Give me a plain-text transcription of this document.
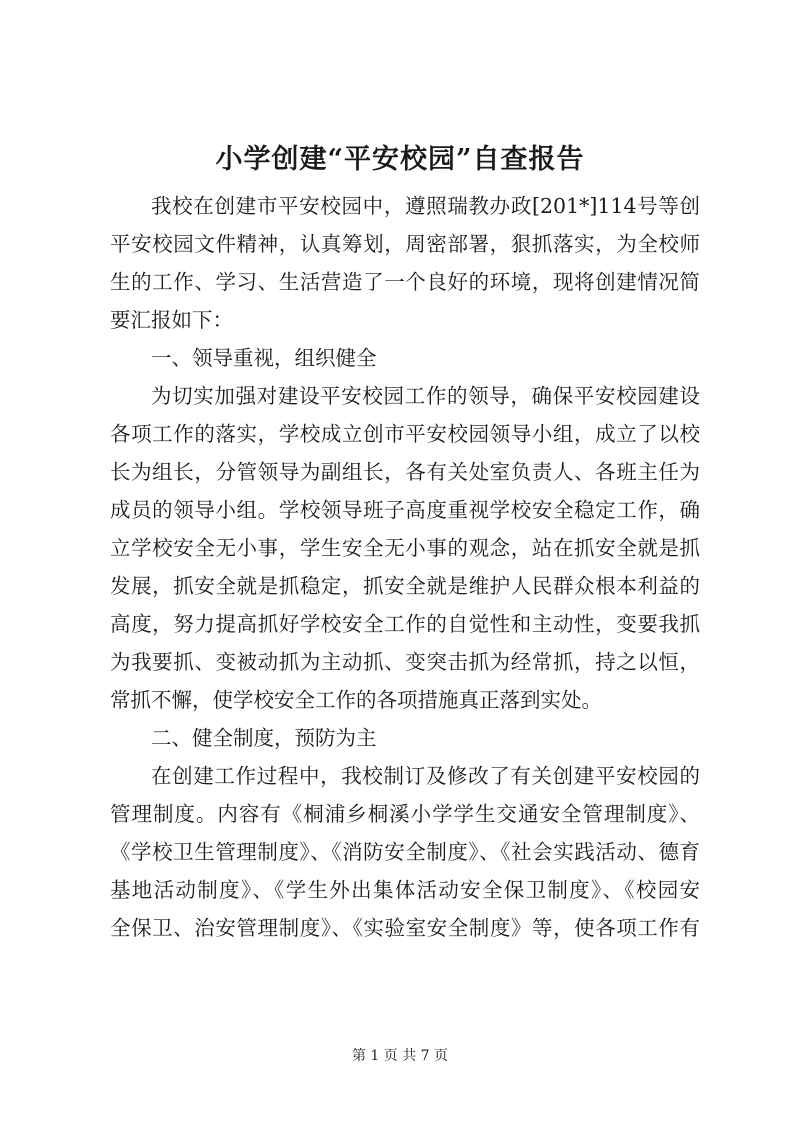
小学创建“平安校园”自查报告
我校在创建市平安校园中，遵照瑞教办政[201*]114号等创
平安校园文件精神，认真筹划，周密部署，狠抓落实，为全校师
生的工作、学习、生活营造了一个良好的环境，现将创建情况简
要汇报如下：
一、领导重视，组织健全
为切实加强对建设平安校园工作的领导，确保平安校园建设
各项工作的落实，学校成立创市平安校园领导小组，成立了以校
长为组长，分管领导为副组长，各有关处室负责人、各班主任为
成员的领导小组。学校领导班子高度重视学校安全稳定工作，确
立学校安全无小事，学生安全无小事的观念，站在抓安全就是抓
发展，抓安全就是抓稳定，抓安全就是维护人民群众根本利益的
高度，努力提高抓好学校安全工作的自觉性和主动性，变要我抓
为我要抓、变被动抓为主动抓、变突击抓为经常抓，持之以恒，
常抓不懈，使学校安全工作的各项措施真正落到实处。
二、健全制度，预防为主
在创建工作过程中，我校制订及修改了有关创建平安校园的
管理制度。内容有《桐浦乡桐溪小学学生交通安全管理制度》、
《学校卫生管理制度》、《消防安全制度》、《社会实践活动、德育
基地活动制度》、《学生外出集体活动安全保卫制度》、《校园安
全保卫、治安管理制度》、《实验室安全制度》等，使各项工作有
第 1 页 共 7 页
